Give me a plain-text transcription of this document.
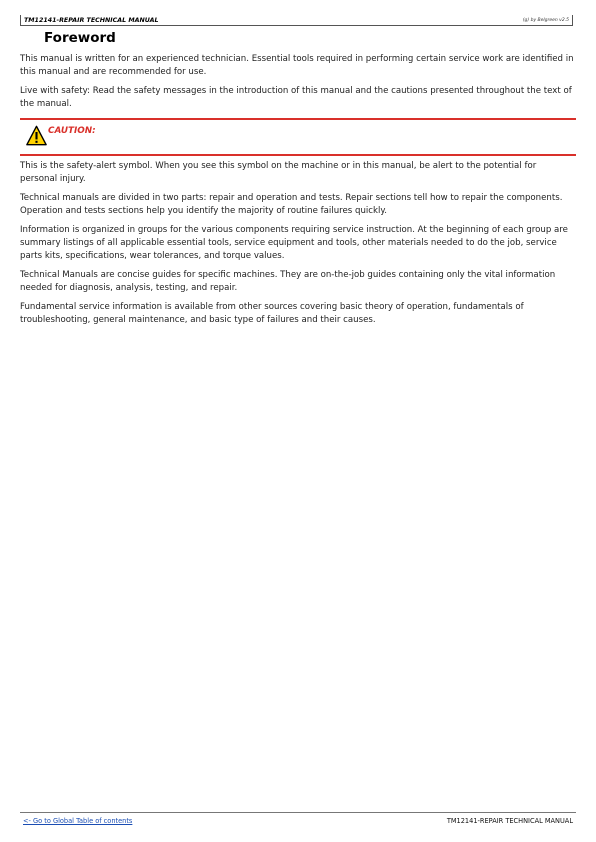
TM12141-REPAIR TECHNICAL MANUAL	(g) by Belgreen v2.5
Foreword

This manual is written for an experienced technician. Essential tools required in performing certain service work are identified in this manual and are recommended for use.

Live with safety: Read the safety messages in the introduction of this manual and the cautions presented throughout the text of the manual.

CAUTION:

This is the safety-alert symbol. When you see this symbol on the machine or in this manual, be alert to the potential for personal injury.

Technical manuals are divided in two parts: repair and operation and tests. Repair sections tell how to repair the components. Operation and tests sections help you identify the majority of routine failures quickly.

Information is organized in groups for the various components requiring service instruction. At the beginning of each group are summary listings of all applicable essential tools, service equipment and tools, other materials needed to do the job, service parts kits, specifications, wear tolerances, and torque values.

Technical Manuals are concise guides for specific machines. They are on-the-job guides containing only the vital information needed for diagnosis, analysis, testing, and repair.

Fundamental service information is available from other sources covering basic theory of operation, fundamentals of troubleshooting, general maintenance, and basic type of failures and their causes.

<- Go to Global Table of contents	TM12141-REPAIR TECHNICAL MANUAL
